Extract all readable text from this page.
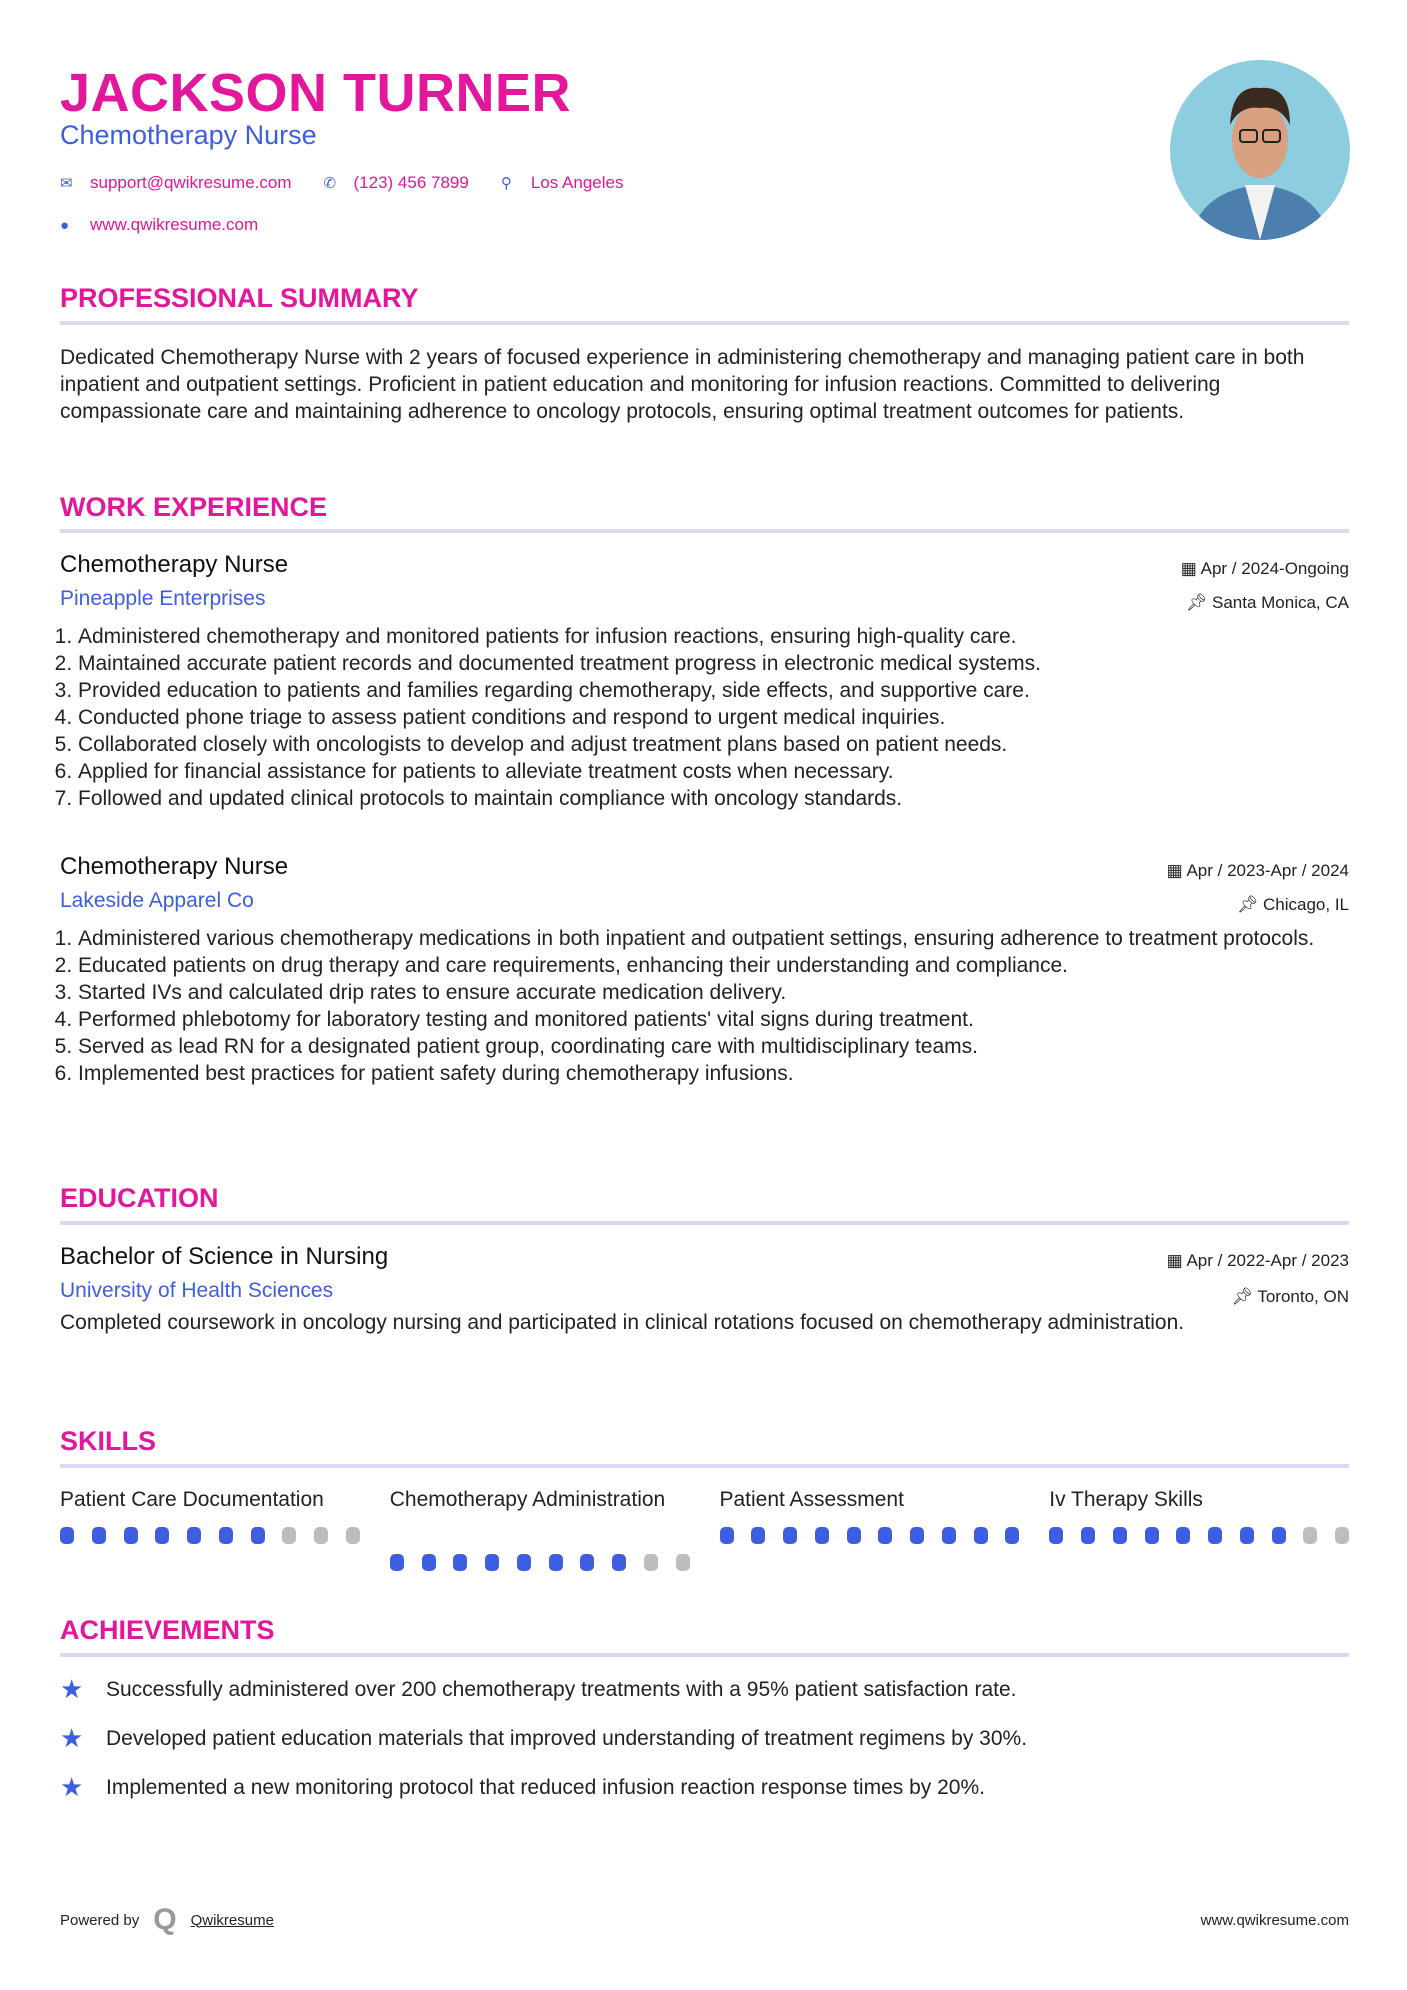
JACKSON TURNER
Chemotherapy Nurse
✉	support@qwikresume.com ✆	(123) 456 7899 ⚲	Los Angeles
●	www.qwikresume.com
PROFESSIONAL SUMMARY
Dedicated Chemotherapy Nurse with 2 years of focused experience in administering chemotherapy and managing patient care in both inpatient and outpatient settings. Proficient in patient education and monitoring for infusion reactions. Committed to delivering compassionate care and maintaining adherence to oncology protocols, ensuring optimal treatment outcomes for patients.
WORK EXPERIENCE
Chemotherapy Nurse	▦ Apr / 2024-Ongoing
Pineapple Enterprises	📌︎ Santa Monica, CA
1. Administered chemotherapy and monitored patients for infusion reactions, ensuring high-quality care.
2. Maintained accurate patient records and documented treatment progress in electronic medical systems.
3. Provided education to patients and families regarding chemotherapy, side effects, and supportive care.
4. Conducted phone triage to assess patient conditions and respond to urgent medical inquiries.
5. Collaborated closely with oncologists to develop and adjust treatment plans based on patient needs.
6. Applied for financial assistance for patients to alleviate treatment costs when necessary.
7. Followed and updated clinical protocols to maintain compliance with oncology standards.
Chemotherapy Nurse	▦ Apr / 2023-Apr / 2024
Lakeside Apparel Co	📌︎ Chicago, IL
1. Administered various chemotherapy medications in both inpatient and outpatient settings, ensuring adherence to treatment protocols.
2. Educated patients on drug therapy and care requirements, enhancing their understanding and compliance.
3. Started IVs and calculated drip rates to ensure accurate medication delivery.
4. Performed phlebotomy for laboratory testing and monitored patients' vital signs during treatment.
5. Served as lead RN for a designated patient group, coordinating care with multidisciplinary teams.
6. Implemented best practices for patient safety during chemotherapy infusions.
EDUCATION
Bachelor of Science in Nursing	▦ Apr / 2022-Apr / 2023
University of Health Sciences	📌︎ Toronto, ON
Completed coursework in oncology nursing and participated in clinical rotations focused on chemotherapy administration.
SKILLS
Patient Care Documentation	Chemotherapy Administration	Patient Assessment	Iv Therapy Skills
ACHIEVEMENTS
★	Successfully administered over 200 chemotherapy treatments with a 95% patient satisfaction rate.
★	Developed patient education materials that improved understanding of treatment regimens by 30%.
★	Implemented a new monitoring protocol that reduced infusion reaction response times by 20%.
Powered by Q Qwikresume	www.qwikresume.com
